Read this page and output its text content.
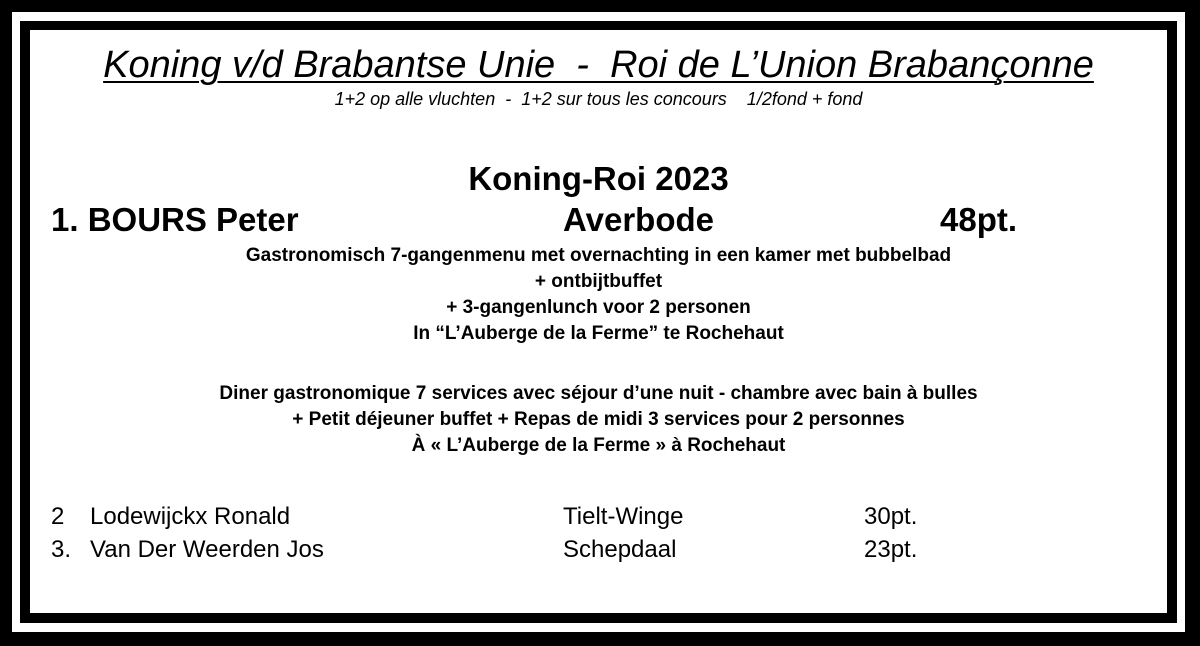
Koning v/d Brabantse Unie  -  Roi de L’Union Brabançonne
1+2 op alle vluchten  -  1+2 sur tous les concours    1/2fond + fond
Koning-Roi 2023
1. BOURS Peter	Averbode	48pt.
Gastronomisch 7-gangenmenu met overnachting in een kamer met bubbelbad
+ ontbijtbuffet
+ 3-gangenlunch voor 2 personen
In “L’Auberge de la Ferme” te Rochehaut
Diner gastronomique 7 services avec séjour d’une nuit - chambre avec bain à bulles
+ Petit déjeuner buffet + Repas de midi 3 services pour 2 personnes
À « L’Auberge de la Ferme » à Rochehaut
2 Lodewijckx Ronald	Tielt-Winge	30pt.
3. Van Der Weerden Jos	Schepdaal	23pt.
